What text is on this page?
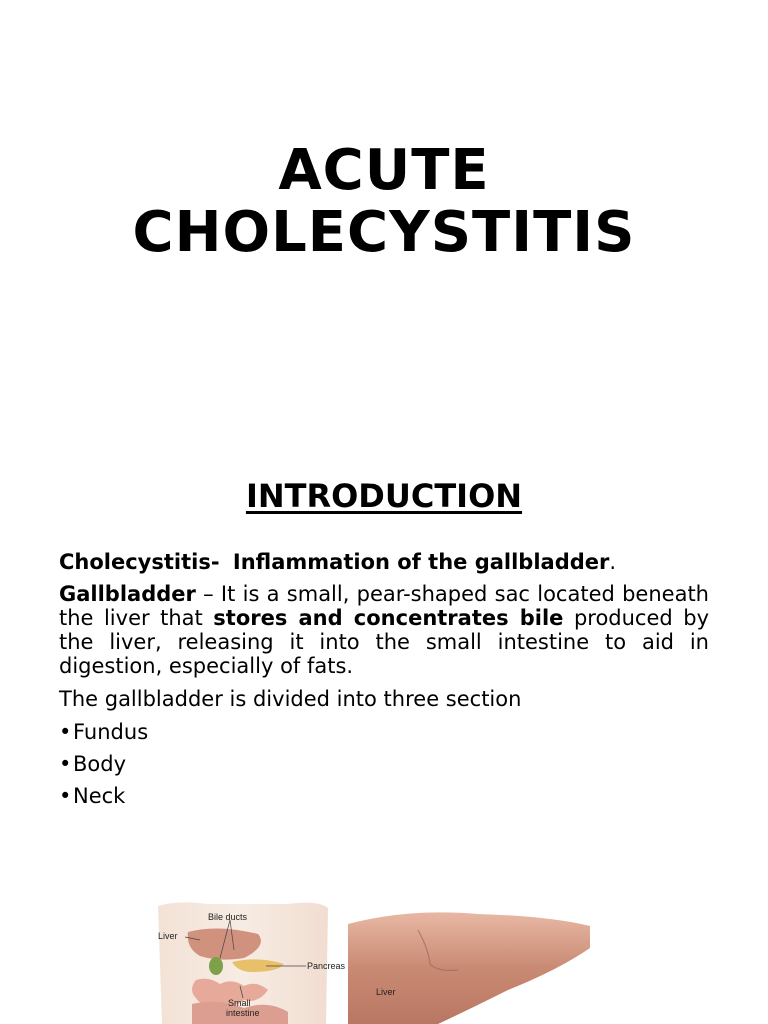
ACUTE
CHOLECYSTITIS
INTRODUCTION
Cholecystitis- Inflammation of the gallbladder.
Gallbladder – It is a small, pear-shaped sac located beneath the liver that stores and concentrates bile produced by the liver, releasing it into the small intestine to aid in digestion, especially of fats.
The gallbladder is divided into three section
•Fundus
•Body
•Neck
Bile ducts
Liver
Pancreas
Small
intestine
Liver
